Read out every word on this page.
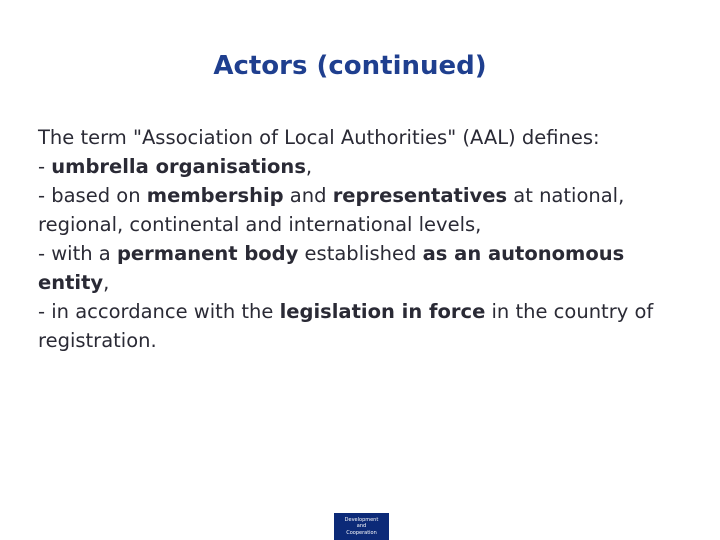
Actors (continued)

The term "Association of Local Authorities" (AAL) defines:

- umbrella organisations,

- based on membership and representatives at national, regional, continental and international levels,

- with a permanent body established as an autonomous entity,

- in accordance with the legislation in force in the country of registration.

Development
and
Cooperation
